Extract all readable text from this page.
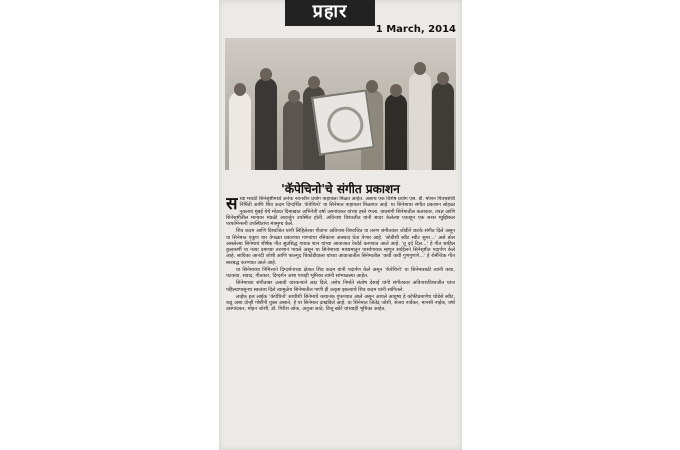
प्रहार
1 March, 2014
'कॅपेचिनो'चे संगीत प्रकाशन

सध्या मराठी सिनेसृष्टीमध्ये अनेक नवनवीन प्रयोग पाहायला मिळत आहेत. असाच एक विशेष प्रयोग एस. डी. मोशन पिक्चर्सची निर्मिती आणि शिव कदम दिग्दर्शित 'कॅपेचिनो' या सिनेमात पाहायला मिळणार आहे. या सिनेमाचा संगीत प्रकाशन सोहळा नुकताच मुंबई येथे मोठ्या दिमाखात अभिनेत्री वर्षा उसगांवकर यांच्या हस्ते रंगला. याप्रसंगी सिनेमातील कलाकार, तंत्रज्ञ आणि सिनेसृष्टीतील मान्यवर मंडळी आवर्जून उपस्थित होती. अविनाश विश्वजीत यांनी सादर केलेल्या एकाहून एक सरस म्युझिकल परफॉर्मन्सनी उपस्थितांना मंत्रमुग्ध केले.

शिव कदम आणि विश्वजित यांनी लिहिलेल्या गीतांना अविनाश-विश्वजित या तरुण संगीतकार जोडीने छटके संगीत दिले असून या सिनेमात एकूण चार वेगळ्या प्रकारच्या गाण्यांचा रसिकांना आस्वाद घेता येणार आहे. 'सोडीशी स्वीट स्वीट सुगर...' असे बोल असलेल्या सिनेमाचं शीर्षक गीत सुप्रसिद्ध गायक शान यांच्या आवाजात रेकॉर्ड करण्यात आले आहे. 'तू दर्द दिल...' हे गीत साहिल कुलकर्णी या नव्या दमाच्या तरुणानं गायले असून या सिनेमाच्या माध्यमातून पार्श्वगायक म्हणून साहिलने सिनेसृष्टीत पदार्पण केले आहे. सायिका आनंदी जोशी आणि फाल्गुद चिकोडीवाला यांच्या आवाजातील सिनेमातील 'कधी कधी गुणगुणणे...' हे रोमँन्टिक गीत स्वरबद्ध करण्यात आले आहे.

या सिनेमाच्या निमित्ताने दिग्दर्शनाच्या क्षेत्रात शिव कदम यांनी पदार्पण केले असून 'कॅपेचिनो' या सिनेमासाठी त्यांनी कथा, पटकथा, संवाद, गीतकार, दिग्दर्शन अशा पाचही भूमिका त्यांनी सांभाळल्या आहेत.

सिनेमाच्या संगीताबर उत्सवी वारकऱ्यांने लक्ष दिले, तसेच निर्माते संतोष देसाई यांनी संगीतकार अविनाशविश्वजीत यांना पहिल्यापासूनच स्वातंत्र्य दिले त्यामुळेच सिनेमातील गाणी ही उत्कृष्ट झाल्याचे शिव कदम यांनी सांगितले.

लाईफ इज लाईक 'कॅपेचिनो' साधीशी सिनेमाचे कथानक गुंफण्यात आले असून आपले आयुष्य हे कॉफीप्रमाणेच थोडेसे स्वीट, कडू अशा दोन्ही गोष्टींनी युक्त असाते, हे या सिनेमात दाखविले आहे. या सिनेमात जितेंद्र जोशी, संजय नार्वेकर, मानसी नाईक, वर्षा उसगांवकर, मोहन जोशी, डॉ. गिरीश ओक, अनुजा साठे, विजू खोटे यांच्याही भूमिका आहेत.
